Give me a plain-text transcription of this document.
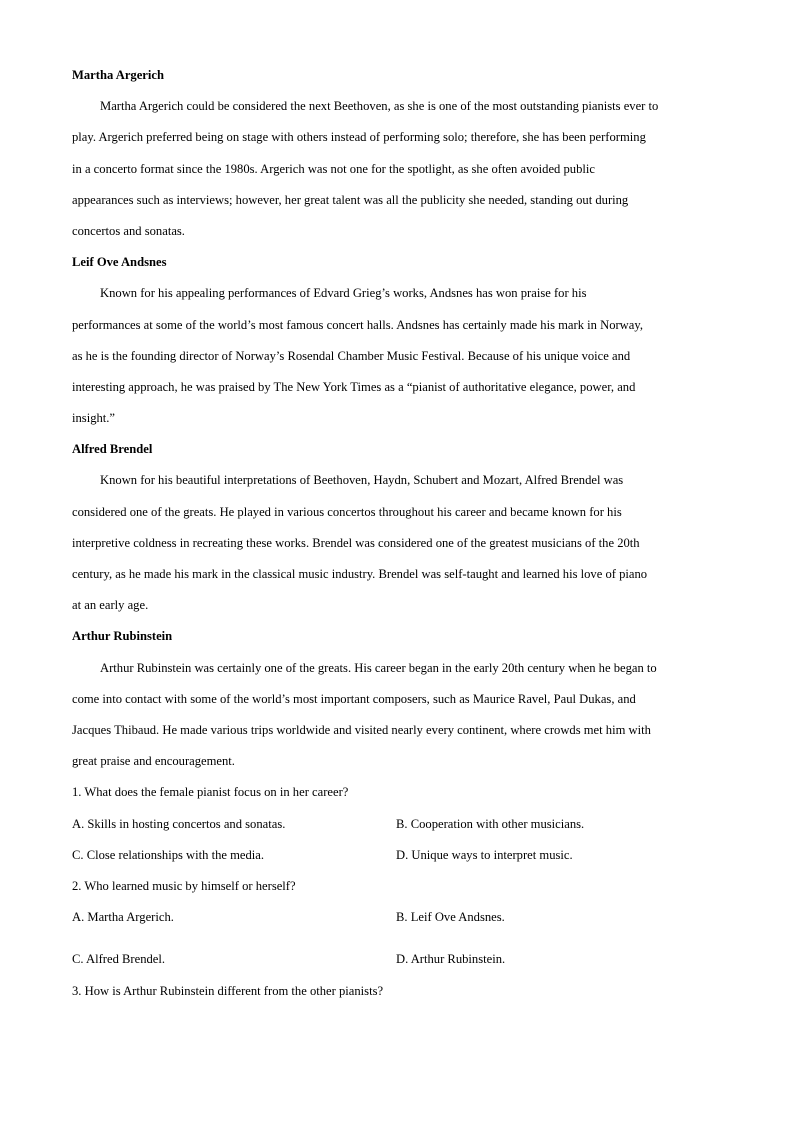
Martha Argerich
Martha Argerich could be considered the next Beethoven, as she is one of the most outstanding pianists ever to
play. Argerich preferred being on stage with others instead of performing solo; therefore, she has been performing
in a concerto format since the 1980s. Argerich was not one for the spotlight, as she often avoided public
appearances such as interviews; however, her great talent was all the publicity she needed, standing out during
concertos and sonatas.
Leif Ove Andsnes
Known for his appealing performances of Edvard Grieg’s works, Andsnes has won praise for his
performances at some of the world’s most famous concert halls. Andsnes has certainly made his mark in Norway,
as he is the founding director of Norway’s Rosendal Chamber Music Festival. Because of his unique voice and
interesting approach, he was praised by The New York Times as a “pianist of authoritative elegance, power, and
insight.”
Alfred Brendel
Known for his beautiful interpretations of Beethoven, Haydn, Schubert and Mozart, Alfred Brendel was
considered one of the greats. He played in various concertos throughout his career and became known for his
interpretive coldness in recreating these works. Brendel was considered one of the greatest musicians of the 20th
century, as he made his mark in the classical music industry. Brendel was self-taught and learned his love of piano
at an early age.
Arthur Rubinstein
Arthur Rubinstein was certainly one of the greats. His career began in the early 20th century when he began to
come into contact with some of the world’s most important composers, such as Maurice Ravel, Paul Dukas, and
Jacques Thibaud. He made various trips worldwide and visited nearly every continent, where crowds met him with
great praise and encouragement.
1. What does the female pianist focus on in her career?
A. Skills in hosting concertos and sonatas.	B. Cooperation with other musicians.
C. Close relationships with the media.	D. Unique ways to interpret music.
2. Who learned music by himself or herself?
A. Martha Argerich.	B. Leif Ove Andsnes.
C. Alfred Brendel.	D. Arthur Rubinstein.
3. How is Arthur Rubinstein different from the other pianists?
